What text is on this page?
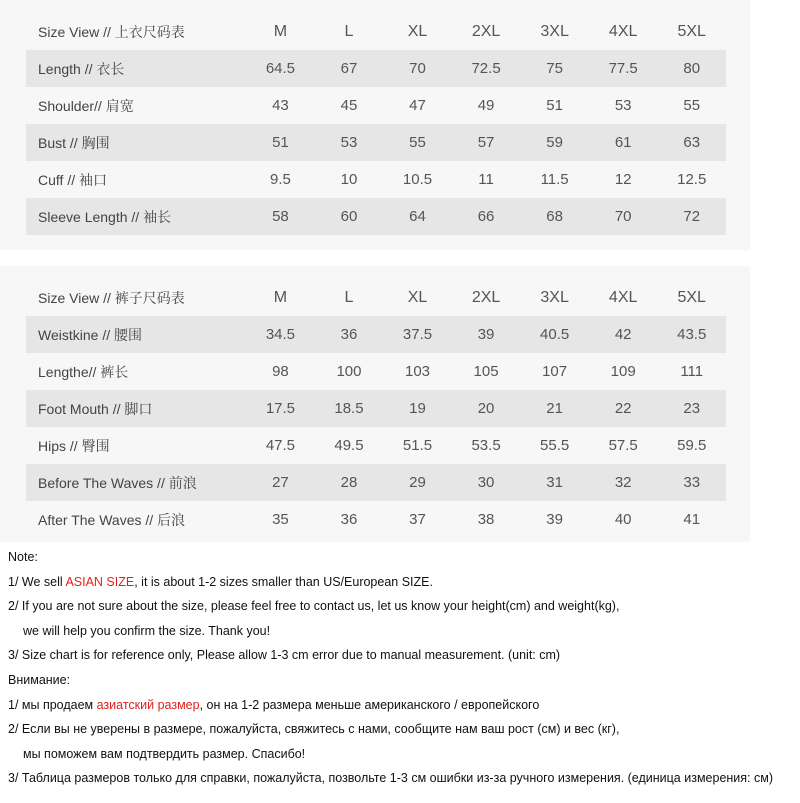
Size View // 上衣尺码表	M	L	XL	2XL	3XL	4XL	5XL
Length // 衣长	64.5	67	70	72.5	75	77.5	80
Shoulder// 肩宽	43	45	47	49	51	53	55
Bust // 胸围	51	53	55	57	59	61	63
Cuff // 袖口	9.5	10	10.5	11	11.5	12	12.5
Sleeve Length // 袖长	58	60	64	66	68	70	72
Size View // 裤子尺码表	M	L	XL	2XL	3XL	4XL	5XL
Weistkine // 腰围	34.5	36	37.5	39	40.5	42	43.5
Lengthe// 裤长	98	100	103	105	107	109	111
Foot Mouth // 脚口	17.5	18.5	19	20	21	22	23
Hips // 臀围	47.5	49.5	51.5	53.5	55.5	57.5	59.5
Before The Waves // 前浪	27	28	29	30	31	32	33
After The Waves // 后浪	35	36	37	38	39	40	41
Note:
1/ We sell ASIAN SIZE, it is about 1-2 sizes smaller than US/European SIZE.
2/ If you are not sure about the size, please feel free to contact us, let us know your height(cm) and weight(kg),
we will help you confirm the size. Thank you!
3/ Size chart is for reference only, Please allow 1-3 cm error due to manual measurement. (unit: cm)
Внимание:
1/ мы продаем азиатский размер, он на 1-2 размера меньше американского / европейского
2/ Если вы не уверены в размере, пожалуйста, свяжитесь с нами, сообщите нам ваш рост (см) и вес (кг),
мы поможем вам подтвердить размер. Спасибо!
3/ Таблица размеров только для справки, пожалуйста, позвольте 1-3 см ошибки из-за ручного измерения. (единица измерения: см)
